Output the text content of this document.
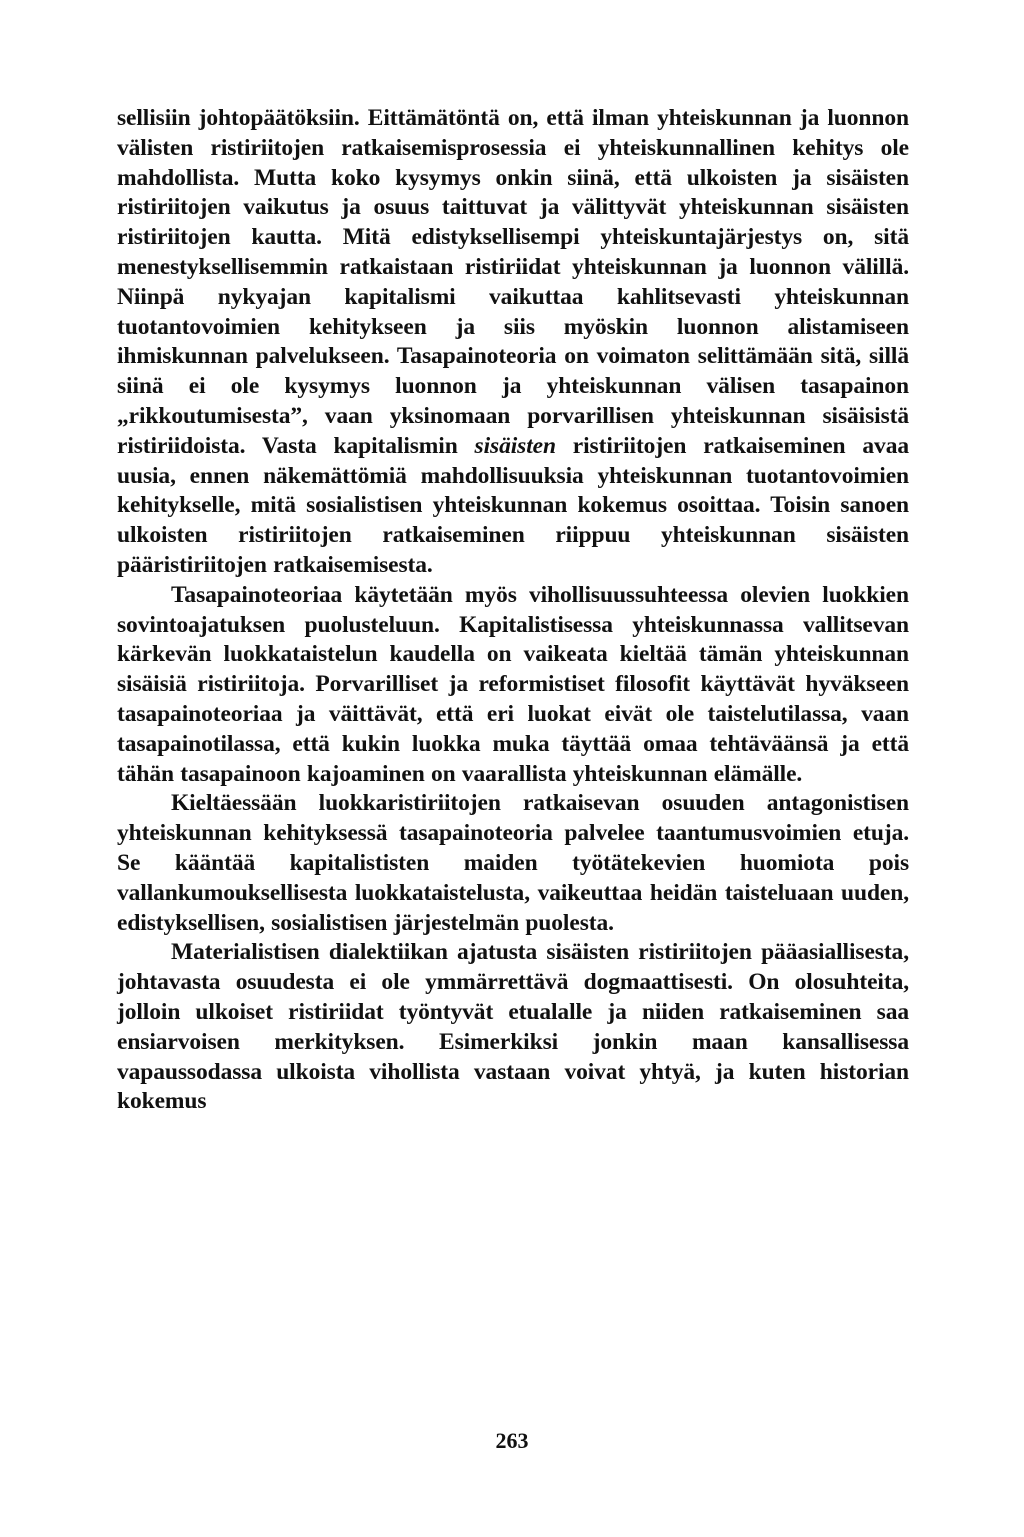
sellisiin johtopäätöksiin. Eittämätöntä on, että ilman yhteiskunnan ja luonnon välisten ristiriitojen ratkaisemisprosessia ei yhteiskunnallinen kehitys ole mahdollista. Mutta koko kysymys onkin siinä, että ulkoisten ja sisäisten ristiriitojen vaikutus ja osuus taittuvat ja välittyvät yhteiskunnan sisäisten ristiriitojen kautta. Mitä edistyksellisempi yhteiskuntajärjestys on, sitä menestyksellisemmin ratkaistaan ristiriidat yhteiskunnan ja luonnon välillä. Niinpä nykyajan kapitalismi vaikuttaa kahlitsevasti yhteiskunnan tuotantovoimien kehitykseen ja siis myöskin luonnon alistamiseen ihmiskunnan palvelukseen. Tasapainoteoria on voimaton selittämään sitä, sillä siinä ei ole kysymys luonnon ja yhteiskunnan välisen tasapainon „rikkoutumisesta”, vaan yksinomaan porvarillisen yhteiskunnan sisäisistä ristiriidoista. Vasta kapitalismin sisäisten ristiriitojen ratkaiseminen avaa uusia, ennen näkemättömiä mahdollisuuksia yhteiskunnan tuotantovoimien kehitykselle, mitä sosialistisen yhteiskunnan kokemus osoittaa. Toisin sanoen ulkoisten ristiriitojen ratkaiseminen riippuu yhteiskunnan sisäisten pääristiriitojen ratkaisemisesta.

Tasapainoteoriaa käytetään myös vihollisuussuhteessa olevien luokkien sovintoajatuksen puolusteluun. Kapitalistisessa yhteiskunnassa vallitsevan kärkevän luokkataistelun kaudella on vaikeata kieltää tämän yhteiskunnan sisäisiä ristiriitoja. Porvarilliset ja reformistiset filosofit käyttävät hyväkseen tasapainoteoriaa ja väittävät, että eri luokat eivät ole taistelutilassa, vaan tasapainotilassa, että kukin luokka muka täyttää omaa tehtäväänsä ja että tähän tasapainoon kajoaminen on vaarallista yhteiskunnan elämälle.

Kieltäessään luokkaristiriitojen ratkaisevan osuuden antagonistisen yhteiskunnan kehityksessä tasapainoteoria palvelee taantumusvoimien etuja. Se kääntää kapitalististen maiden työtätekevien huomiota pois vallankumouksellisesta luokkataistelusta, vaikeuttaa heidän taisteluaan uuden, edistyksellisen, sosialistisen järjestelmän puolesta.

Materialistisen dialektiikan ajatusta sisäisten ristiriitojen pääasiallisesta, johtavasta osuudesta ei ole ymmärrettävä dogmaattisesti. On olosuhteita, jolloin ulkoiset ristiriidat työntyvät etualalle ja niiden ratkaiseminen saa ensiarvoisen merkityksen. Esimerkiksi jonkin maan kansallisessa vapaussodassa ulkoista vihollista vastaan voivat yhtyä, ja kuten historian kokemus

263
